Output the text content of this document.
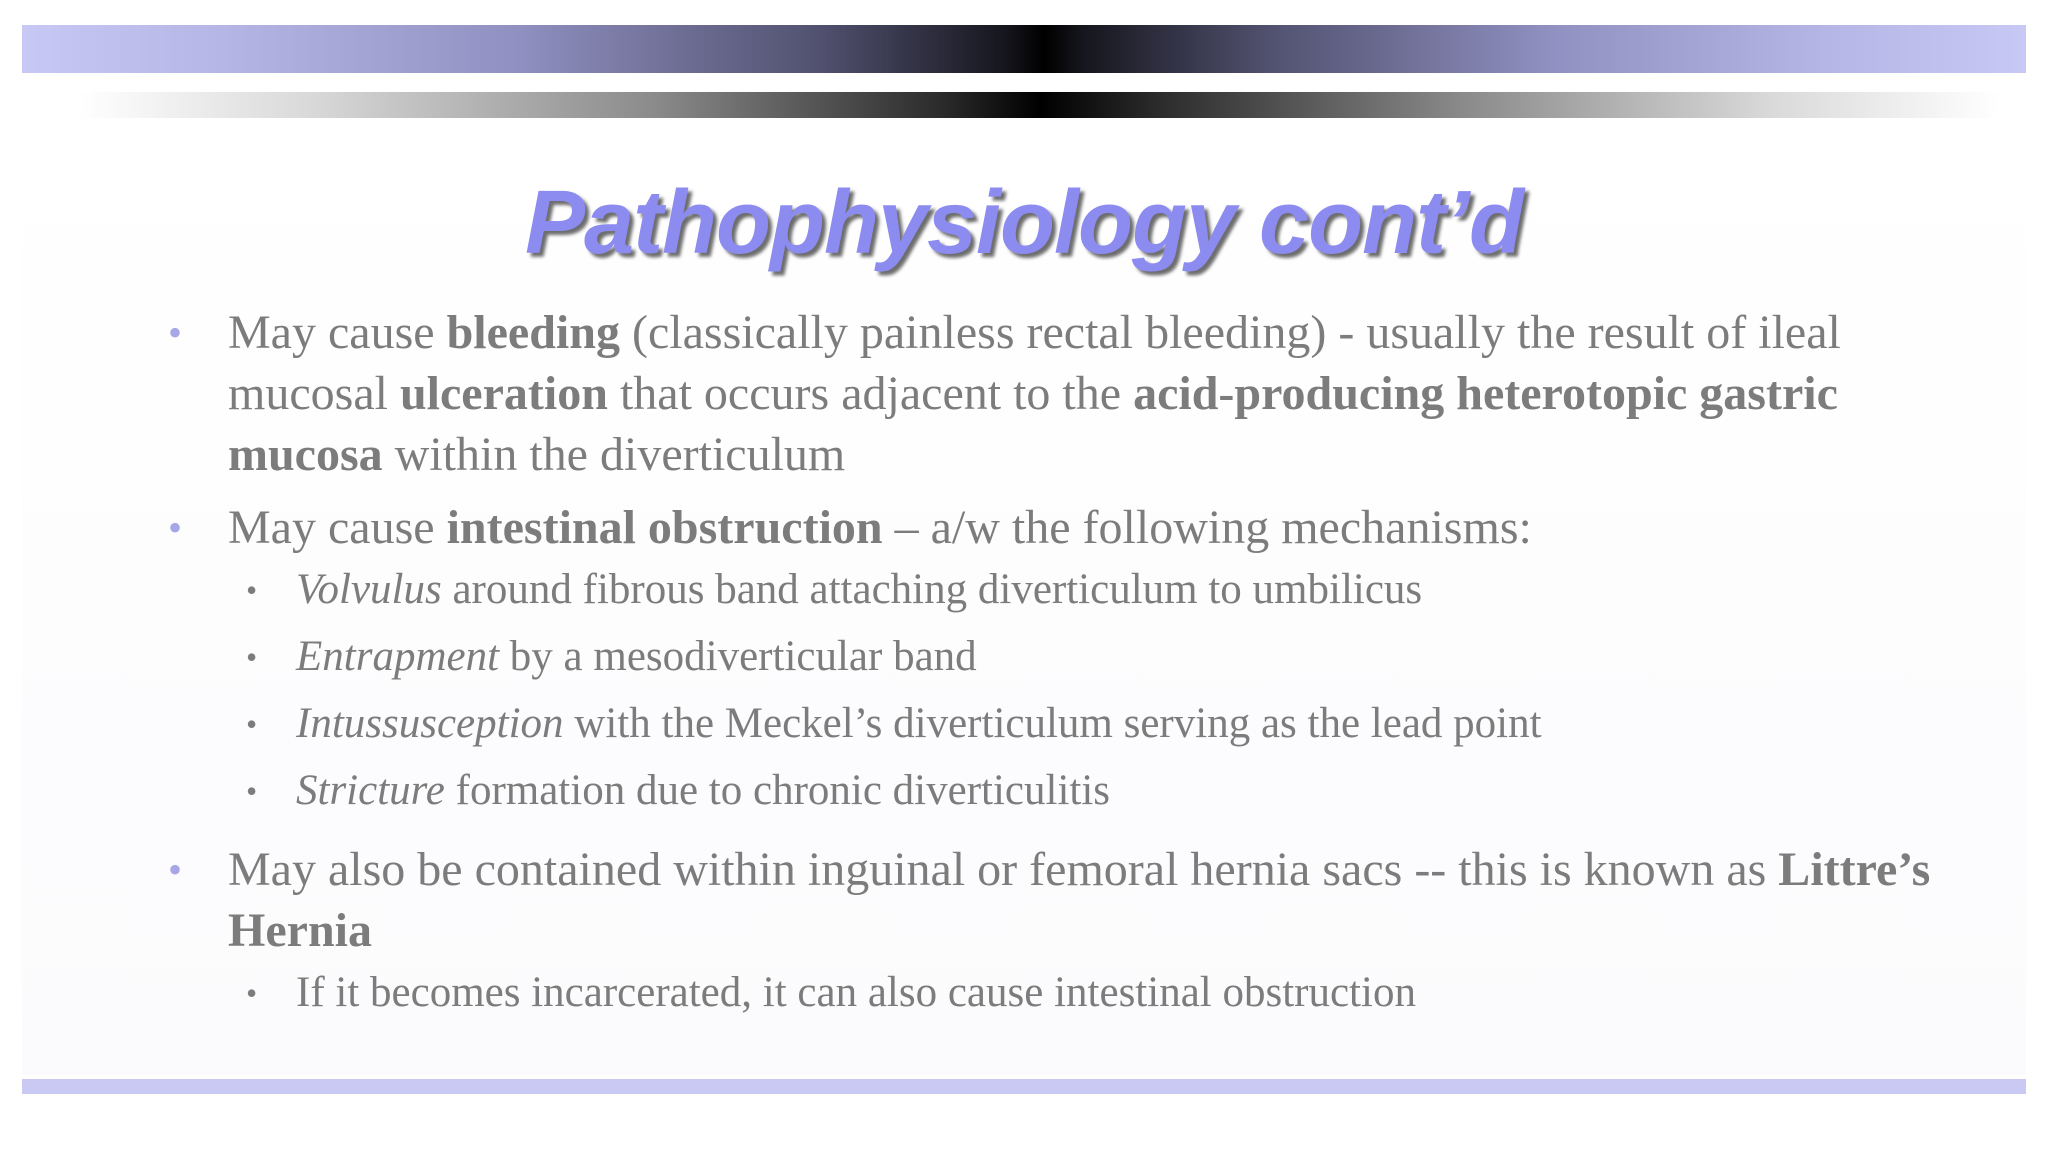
Pathophysiology cont’d
• May cause bleeding (classically painless rectal bleeding) - usually the result of ileal mucosal ulceration that occurs adjacent to the acid-producing heterotopic gastric mucosa within the diverticulum
• May cause intestinal obstruction – a/w the following mechanisms:
• Volvulus around fibrous band attaching diverticulum to umbilicus
• Entrapment by a mesodiverticular band
• Intussusception with the Meckel’s diverticulum serving as the lead point
• Stricture formation due to chronic diverticulitis
• May also be contained within inguinal or femoral hernia sacs -- this is known as Littre’s Hernia
• If it becomes incarcerated, it can also cause intestinal obstruction
